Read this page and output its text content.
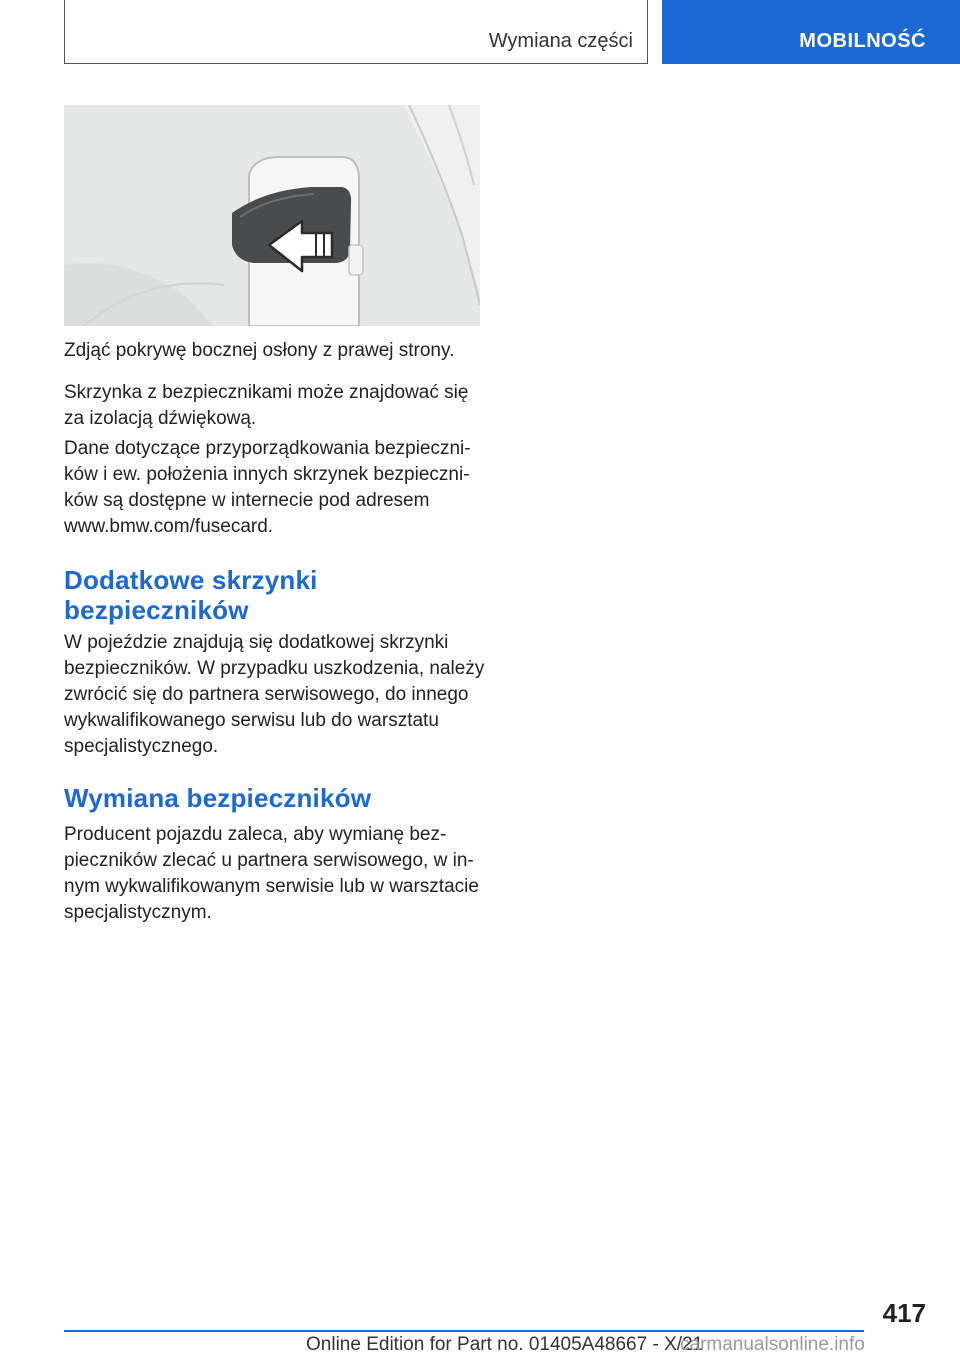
Wymiana części	MOBILNOŚĆ

Zdjąć pokrywę bocznej osłony z prawej strony.

Skrzynka z bezpiecznikami może znajdować się za izolacją dźwiękową.

Dane dotyczące przyporządkowania bezpieczników i ew. położenia innych skrzynek bezpieczników są dostępne w internecie pod adresem www.bmw.com/fusecard.

Dodatkowe skrzynki bezpieczników

W pojeździe znajdują się dodatkowej skrzynki bezpieczników. W przypadku uszkodzenia, należy zwrócić się do partnera serwisowego, do innego wykwalifikowanego serwisu lub do warsztatu specjalistycznego.

Wymiana bezpieczników

Producent pojazdu zaleca, aby wymianę bezpieczników zlecać u partnera serwisowego, w innym wykwalifikowanym serwisie lub w warsztacie specjalistycznym.

417
Online Edition for Part no. 01405A48667 - X/21
carmanualsonline.info
